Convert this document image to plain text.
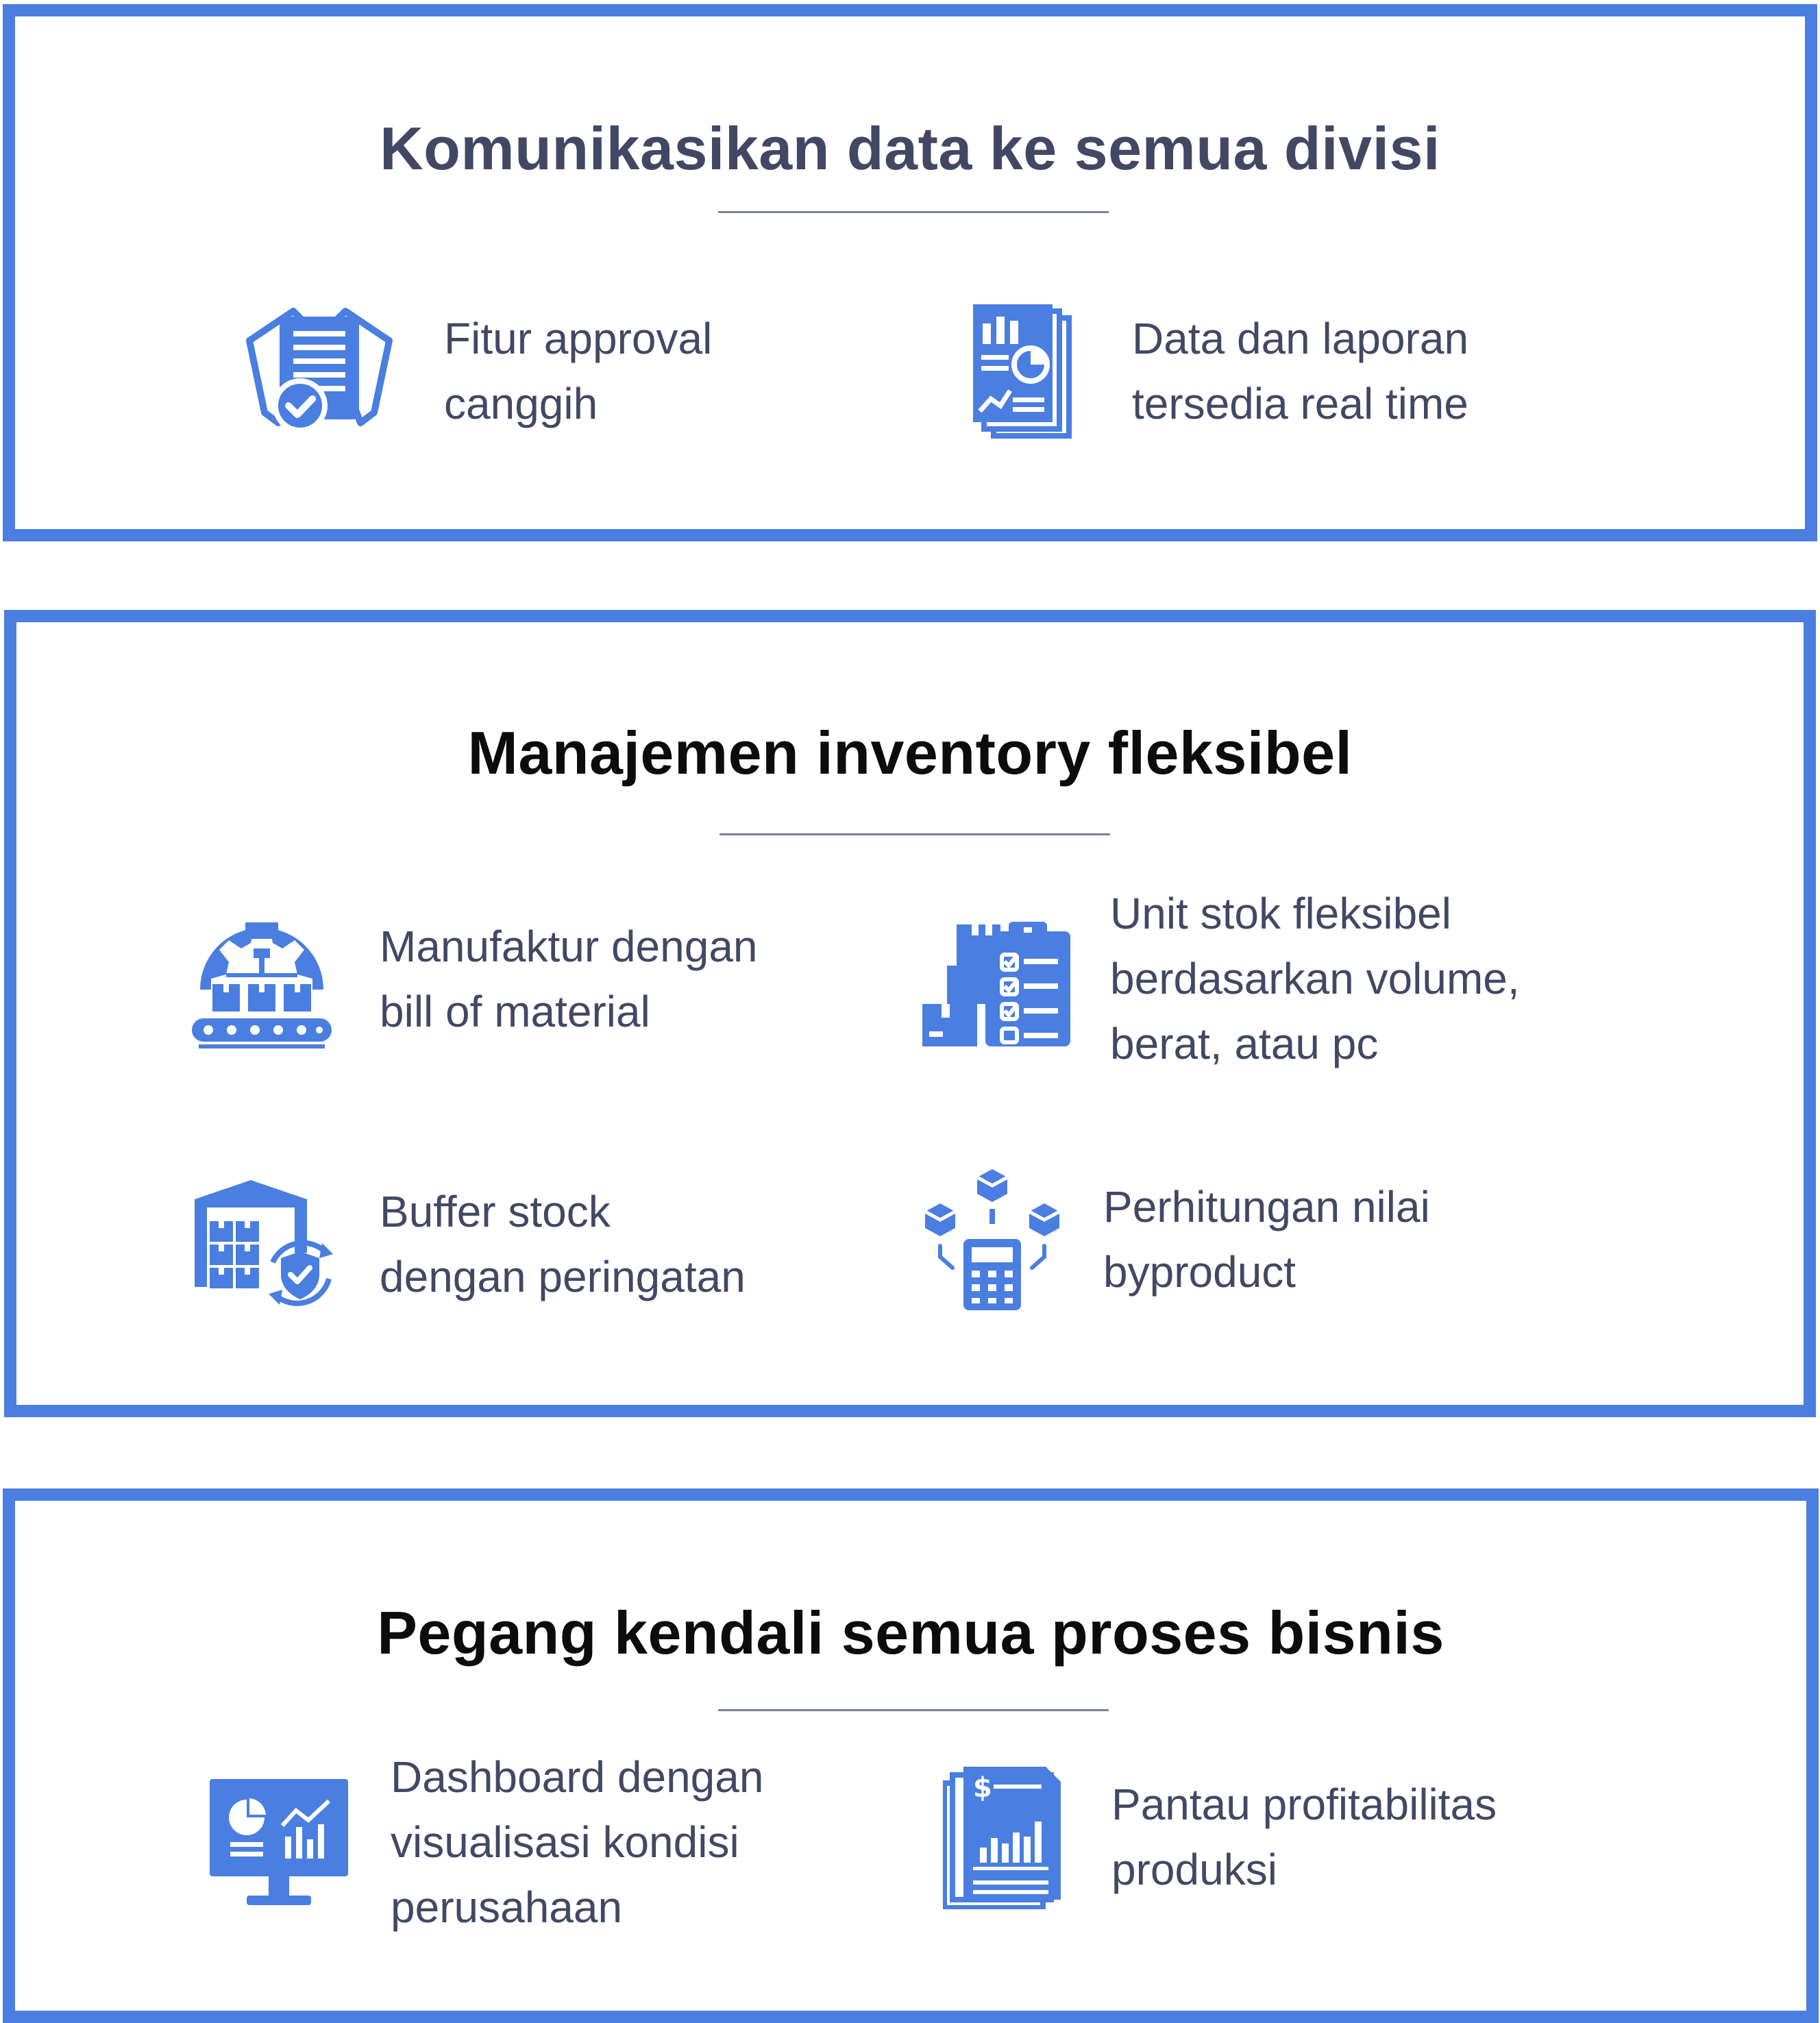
Komunikasikan data ke semua divisi
Fitur approval
canggih
Data dan laporan
tersedia real time
Manajemen inventory fleksibel
Manufaktur dengan
bill of material
Unit stok fleksibel
berdasarkan volume,
berat, atau pc
Buffer stock
dengan peringatan
Perhitungan nilai
byproduct
Pegang kendali semua proses bisnis
Dashboard dengan
visualisasi kondisi
perusahaan
$	Pantau profitabilitas
produksi
